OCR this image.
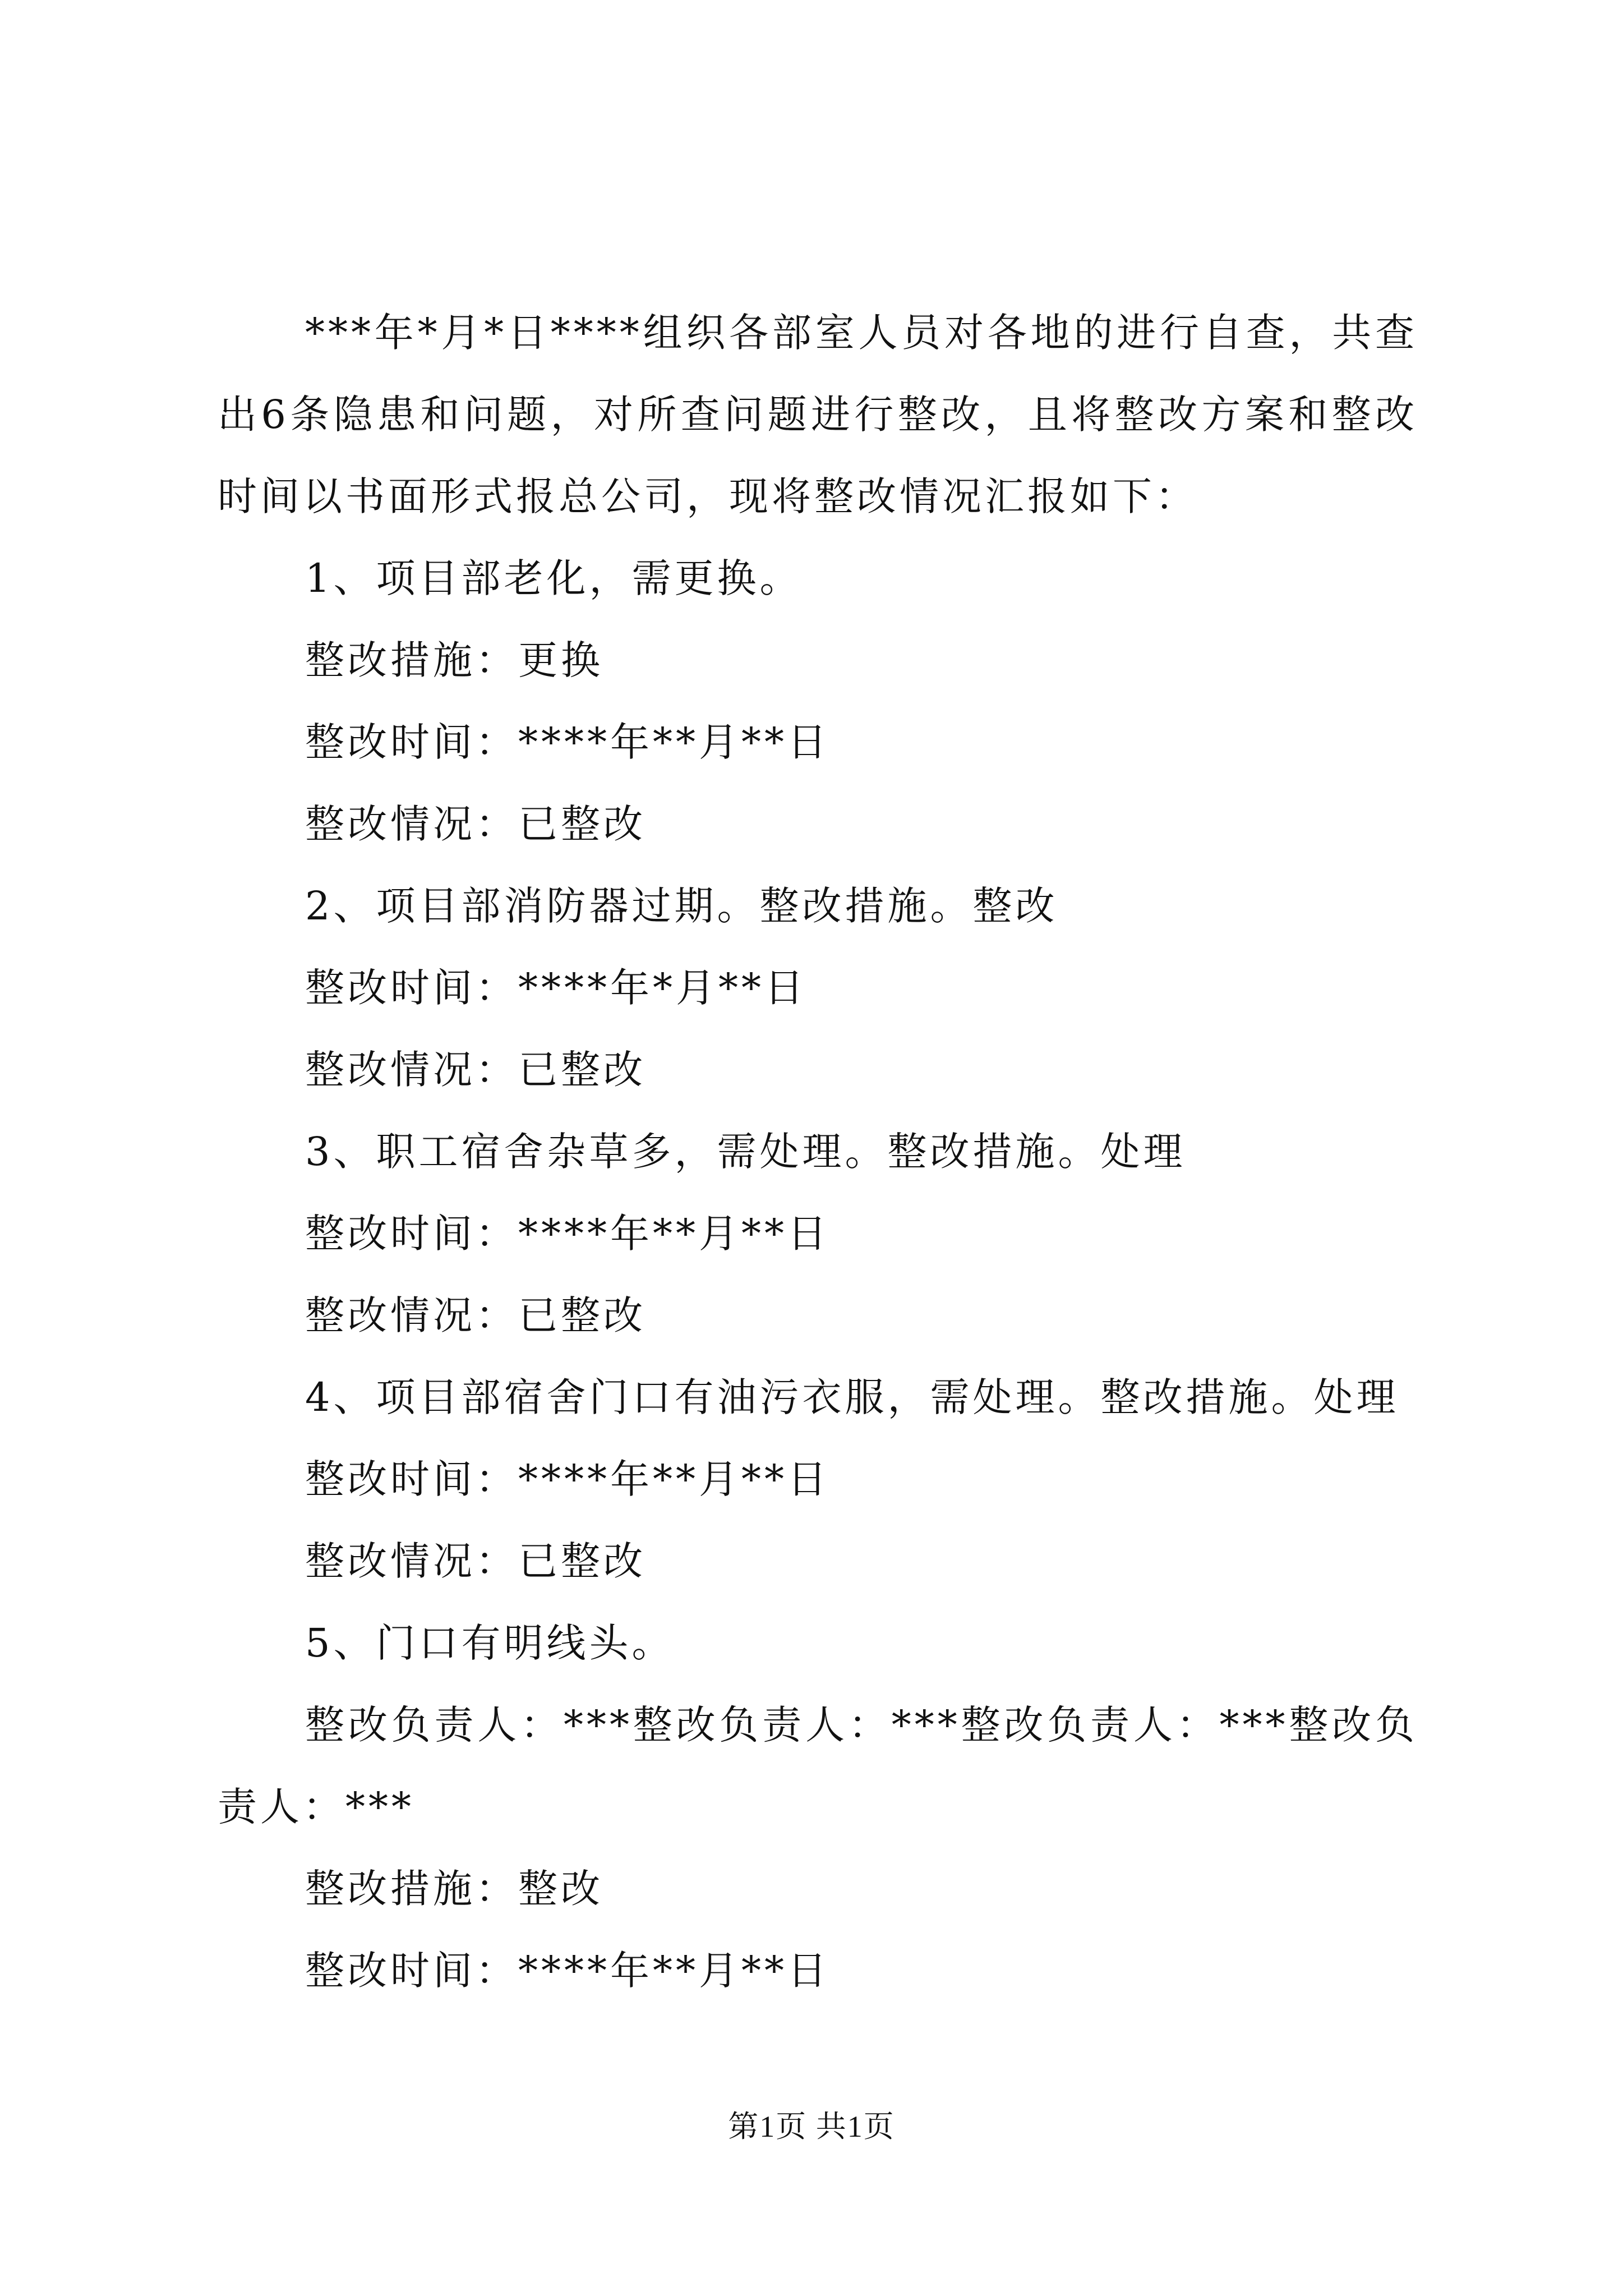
***年*月*日****组织各部室人员对各地的进行自查，共查出6条隐患和问题，对所查问题进行整改，且将整改方案和整改时间以书面形式报总公司，现将整改情况汇报如下：

1、项目部老化，需更换。

整改措施：更换

整改时间：****年**月**日

整改情况：已整改

2、项目部消防器过期。整改措施。整改

整改时间：****年*月**日

整改情况：已整改

3、职工宿舍杂草多，需处理。整改措施。处理

整改时间：****年**月**日

整改情况：已整改

4、项目部宿舍门口有油污衣服，需处理。整改措施。处理

整改时间：****年**月**日

整改情况：已整改

5、门口有明线头。

整改负责人：***整改负责人：***整改负责人：***整改负责人：***

整改措施：整改

整改时间：****年**月**日

第1页 共1页
